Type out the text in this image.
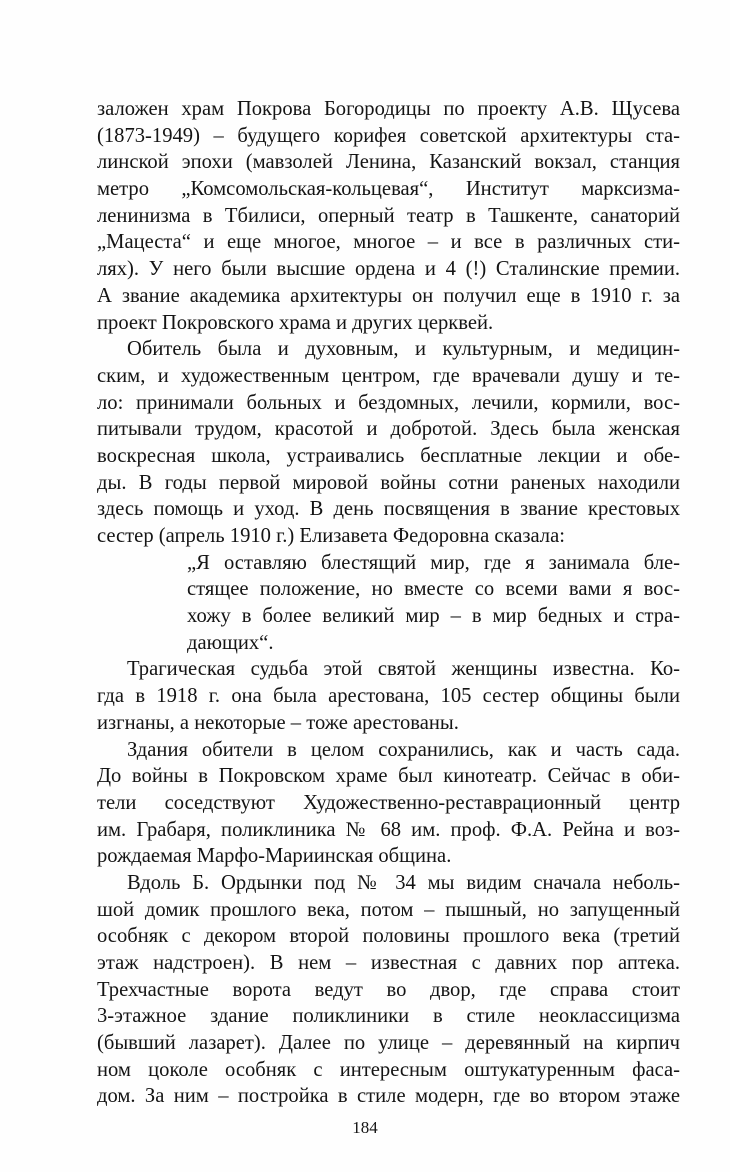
заложен храм Покрова Богородицы по проекту А.В. Щусева
(1873-1949) – будущего корифея советской архитектуры ста-
линской эпохи (мавзолей Ленина, Казанский вокзал, станция
метро „Комсомольская-кольцевая“, Институт марксизма-
ленинизма в Тбилиси, оперный театр в Ташкенте, санаторий
„Мацеста“ и еще многое, многое – и все в различных сти-
лях). У него были высшие ордена и 4 (!) Сталинские премии.
А звание академика архитектуры он получил еще в 1910 г. за
проект Покровского храма и других церквей.
Обитель была и духовным, и культурным, и медицин-
ским, и художественным центром, где врачевали душу и те-
ло: принимали больных и бездомных, лечили, кормили, вос-
питывали трудом, красотой и добротой. Здесь была женская
воскресная школа, устраивались бесплатные лекции и обе-
ды. В годы первой мировой войны сотни раненых находили
здесь помощь и уход. В день посвящения в звание крестовых
сестер (апрель 1910 г.) Елизавета Федоровна сказала:
„Я оставляю блестящий мир, где я занимала бле-
стящее положение, но вместе со всеми вами я вос-
хожу в более великий мир – в мир бедных и стра-
дающих“.
Трагическая судьба этой святой женщины известна. Ко-
гда в 1918 г. она была арестована, 105 сестер общины были
изгнаны, а некоторые – тоже арестованы.
Здания обители в целом сохранились, как и часть сада.
До войны в Покровском храме был кинотеатр. Сейчас в оби-
тели соседствуют Художественно-реставрационный центр
им. Грабаря, поликлиника № 68 им. проф. Ф.А. Рейна и воз-
рождаемая Марфо-Мариинская община.
Вдоль Б. Ордынки под № 34 мы видим сначала неболь-
шой домик прошлого века, потом – пышный, но запущенный
особняк с декором второй половины прошлого века (третий
этаж надстроен). В нем – известная с давних пор аптека.
Трехчастные ворота ведут во двор, где справа стоит
3-этажное здание поликлиники в стиле неоклассицизма
(бывший лазарет). Далее по улице – деревянный на кирпич
ном цоколе особняк с интересным оштукатуренным фаса-
дом. За ним – постройка в стиле модерн, где во втором этаже
184
